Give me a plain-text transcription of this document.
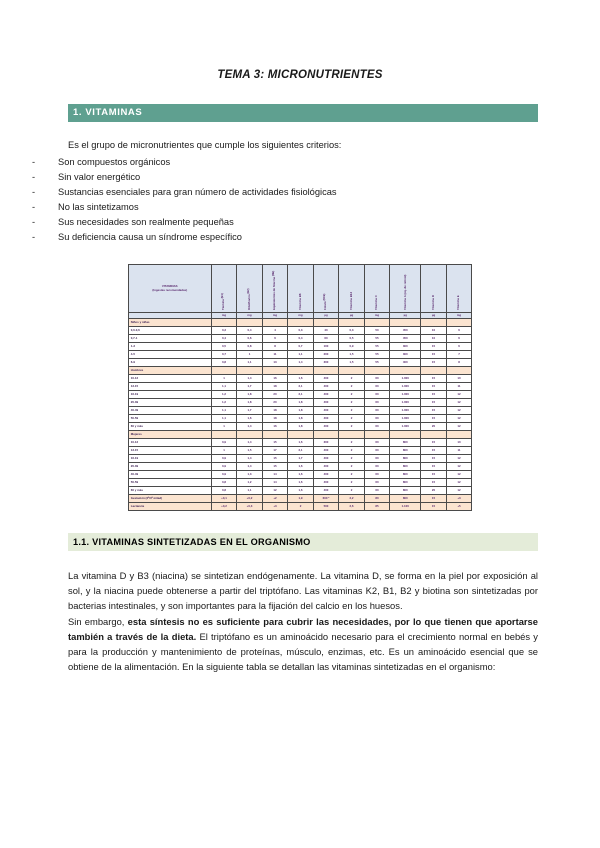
TEMA 3: MICRONUTRIENTES
1. VITAMINAS

Es el grupo de micronutrientes que cumple los siguientes criterios:

- Son compuestos orgánicos
- Sin valor energético
- Sustancias esenciales para gran número de actividades fisiológicas
- No las sintetizamos
- Sus necesidades son realmente pequeñas
- Su deficiencia causa un síndrome específico
VITAMINAS
(Ingestas recomendadas)	Tiamina (B1)	Riboflavina (B2)	Equivalentes de Niacina (NE)	Vitamina B6	Folato (DFE)	Vitamina B12	Vitamina C	Vitamina A (eq. de retinol)	Vitamina D	Vitamina E
	mg	mg	mg	mg	µg	µg	mg	µg	µg	mg
Niños y niñas										
0,0-0,6	0,3	0,4	4	0,3	40	0,3	50	450	10	6
0,7-1	0,4	0,6	6	0,4	60	0,5	55	450	10	6
1-3	0,5	0,8	8	0,7	100	0,9	55	300	15	6
4-5	0,7	1	11	1,1	200	1,5	55	300	15	7
6-9	0,8	1,1	13	1,4	300	1,5	55	400	15	8
Hombres										
10-12	1	1,4	16	1,6	400	2	60	1.000	15	10
13-15	1,1	1,7	18	2,1	400	2	60	1.000	15	11
16-19	1,2	1,8	20	2,1	400	2	60	1.000	15	12
20-39	1,2	1,8	20	1,8	400	2	60	1.000	15	12
40-49	1,1	1,7	18	1,8	400	2	60	1.000	15	12
50-59	1,1	1,6	18	1,8	400	2	60	1.000	15	12
60 y más	1	1,4	16	1,8	400	2	60	1.000	20	12
Mujeres										
10-12	0,9	1,4	15	1,6	300	2	60	800	15	10
13-15	1	1,5	17	2,1	400	2	60	800	15	11
16-19	0,9	1,4	15	1,7	400	2	60	800	15	12
20-39	0,9	1,4	15	1,6	400	2	60	800	15	12
40-49	0,9	1,3	14	1,6	400	2	60	800	15	12
50-59	0,8	1,2	14	1,6	400	2	60	800	15	12
60 y más	0,8	1,1	12	1,6	400	2	60	800	20	12
Gestación (2ª/3ª mitad)	+0,1	+0,2	+2	1,9	600 *	2,2	80	800	15	+3
Lactancia	+0,2	+0,3	+3	2	500	2,6	85	1.100	15	+5
1.1. VITAMINAS SINTETIZADAS EN EL ORGANISMO

La vitamina D y B3 (niacina) se sintetizan endógenamente. La vitamina D, se forma en la piel por exposición al sol, y la niacina puede obtenerse a partir del triptófano. Las vitaminas K2, B1, B2 y biotina son sintetizadas por bacterias intestinales, y son importantes para la fijación del calcio en los huesos.

Sin embargo, esta síntesis no es suficiente para cubrir las necesidades, por lo que tienen que aportarse también a través de la dieta. El triptófano es un aminoácido necesario para el crecimiento normal en bebés y para la producción y mantenimiento de proteínas, músculo, enzimas, etc. Es un aminoácido esencial que se obtiene de la alimentación. En la siguiente tabla se detallan las vitaminas sintetizadas en el organismo:
